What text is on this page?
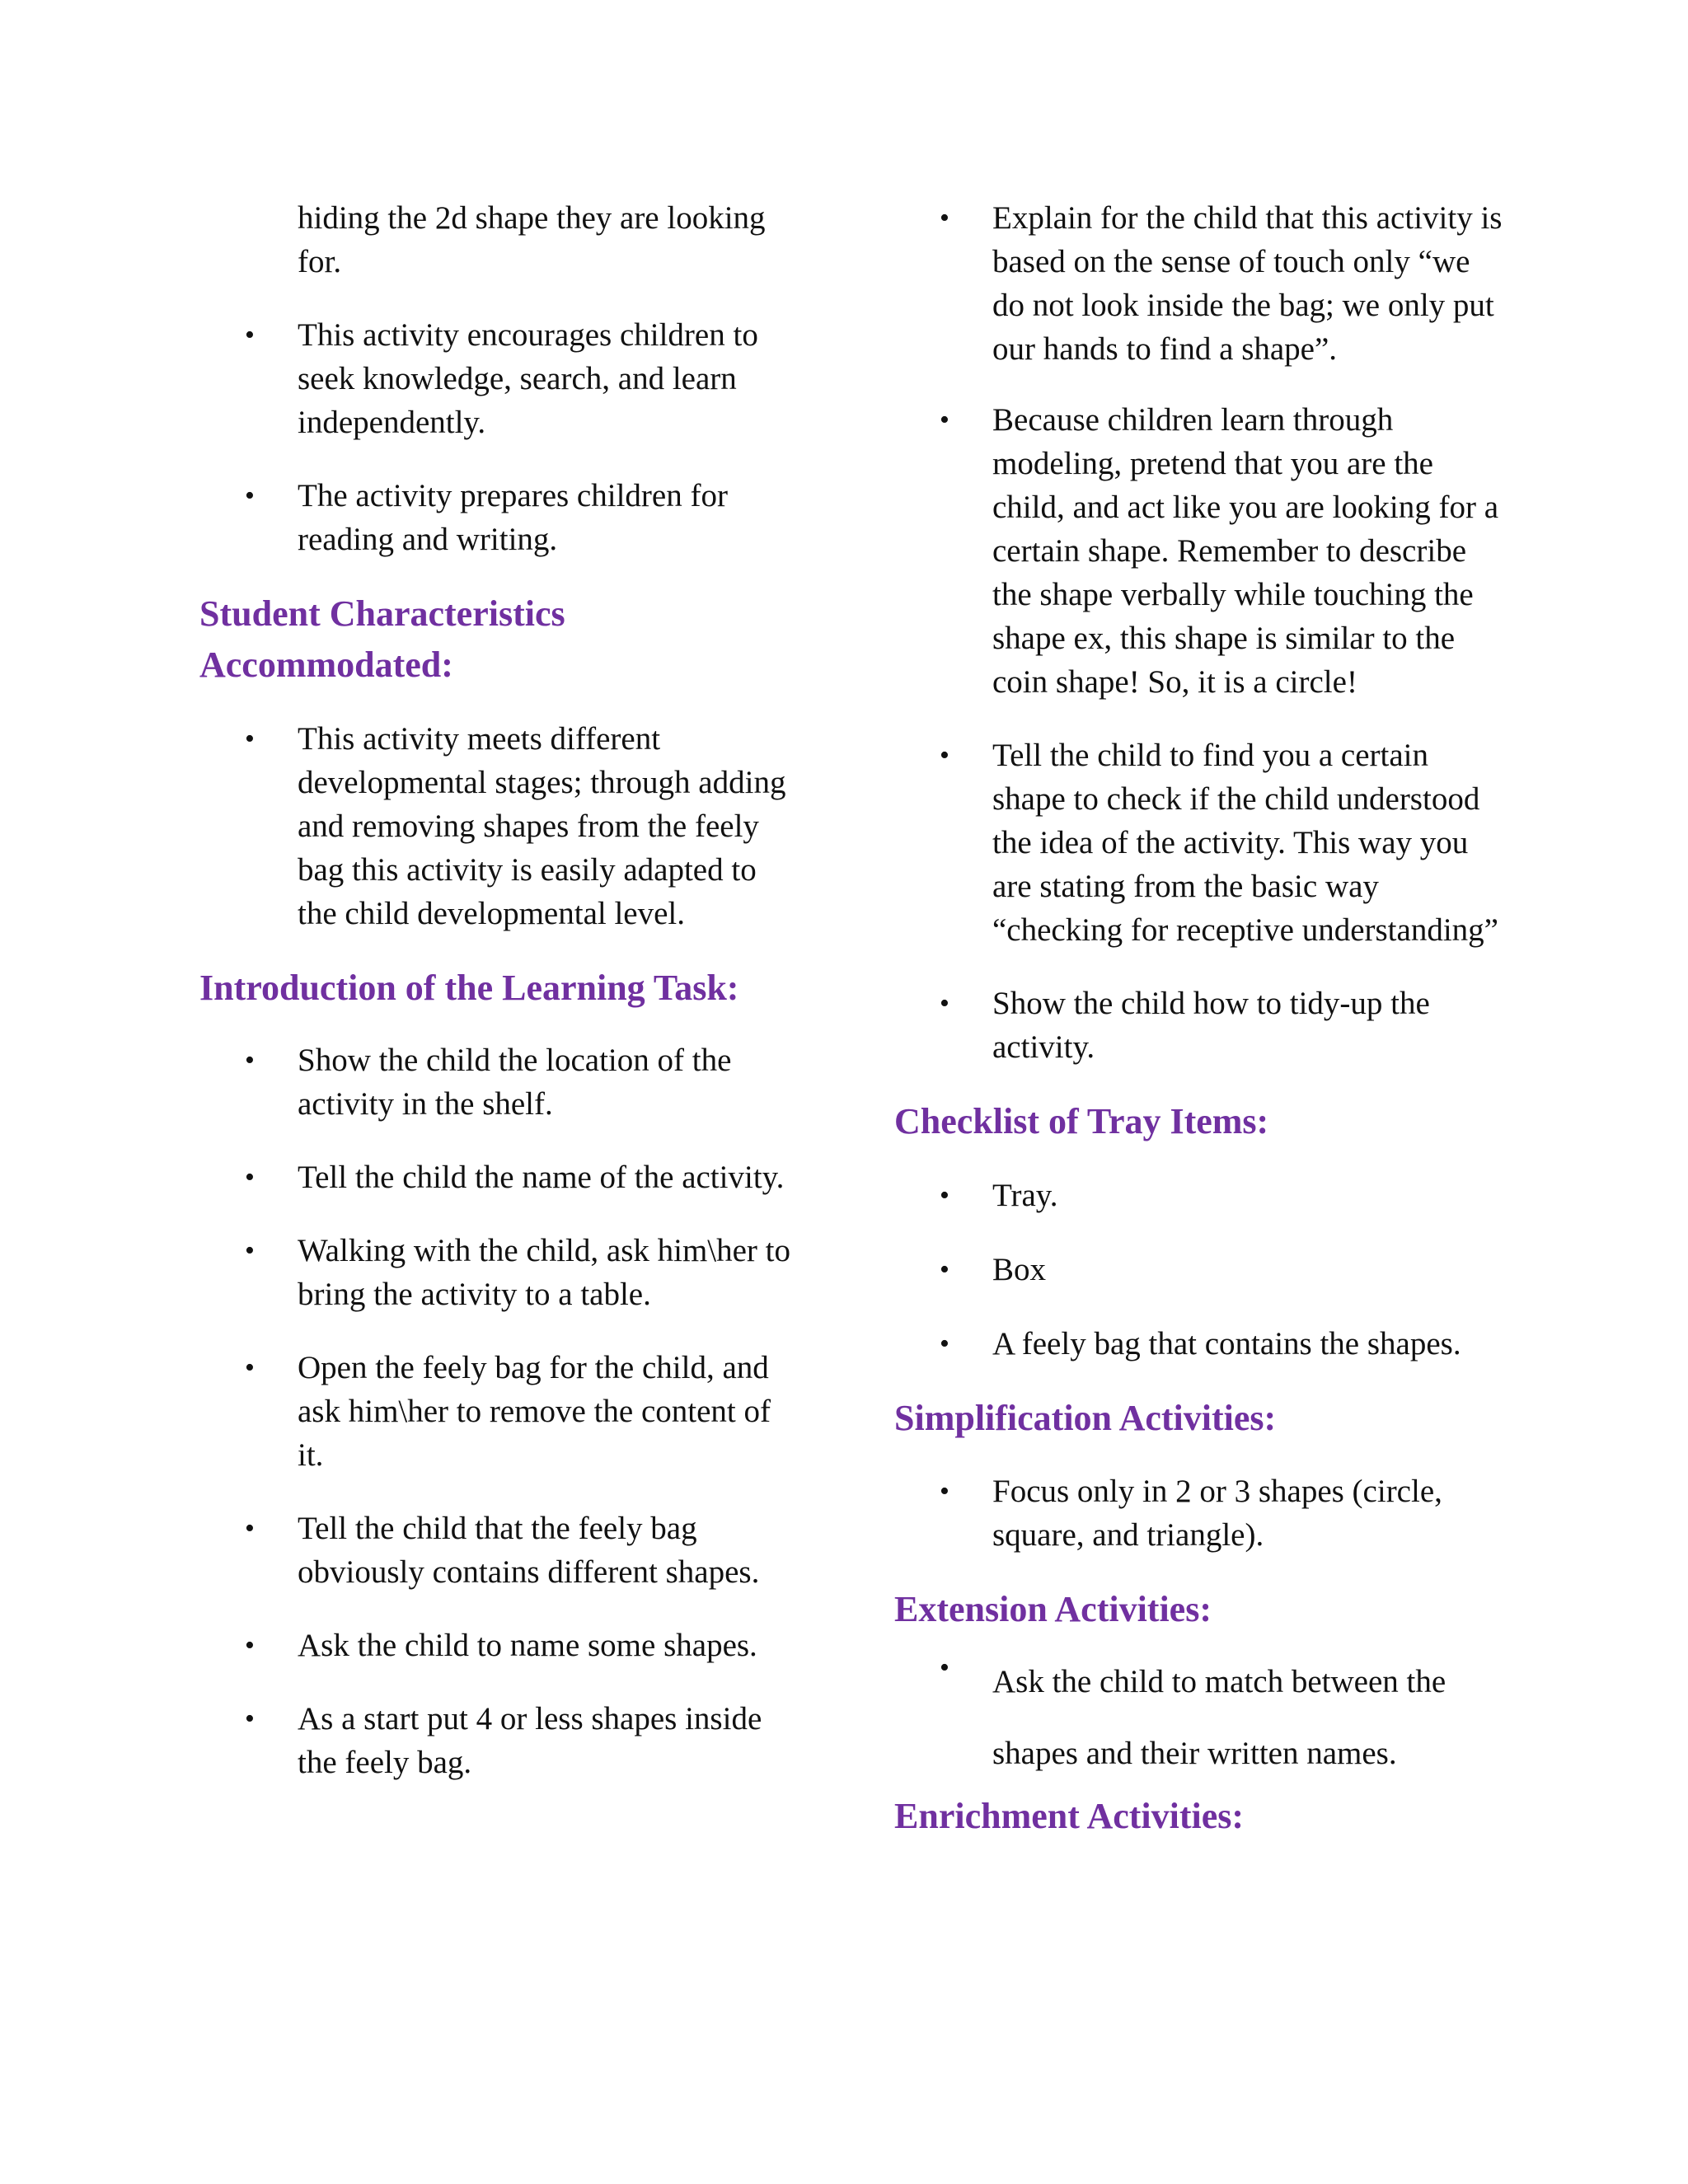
hiding the 2d shape they are looking for.
• This activity encourages children to seek knowledge, search, and learn independently.
• The activity prepares children for reading and writing.
Student Characteristics Accommodated:
• This activity meets different developmental stages; through adding and removing shapes from the feely bag this activity is easily adapted to the child developmental level.
Introduction of the Learning Task:
• Show the child the location of the activity in the shelf.
• Tell the child the name of the activity.
• Walking with the child, ask him\her to bring the activity to a table.
• Open the feely bag for the child, and ask him\her to remove the content of it.
• Tell the child that the feely bag obviously contains different shapes.
• Ask the child to name some shapes.
• As a start put 4 or less shapes inside the feely bag.
• Explain for the child that this activity is based on the sense of touch only “we do not look inside the bag; we only put our hands to find a shape”.
• Because children learn through modeling, pretend that you are the child, and act like you are looking for a certain shape. Remember to describe the shape verbally while touching the shape ex, this shape is similar to the coin shape! So, it is a circle!
• Tell the child to find you a certain shape to check if the child understood the idea of the activity. This way you are stating from the basic way “checking for receptive understanding”
• Show the child how to tidy-up the activity.
Checklist of Tray Items:
• Tray.
• Box
• A feely bag that contains the shapes.
Simplification Activities:
• Focus only in 2 or 3 shapes (circle, square, and triangle).
Extension Activities:
• Ask the child to match between the shapes and their written names.
Enrichment Activities:
